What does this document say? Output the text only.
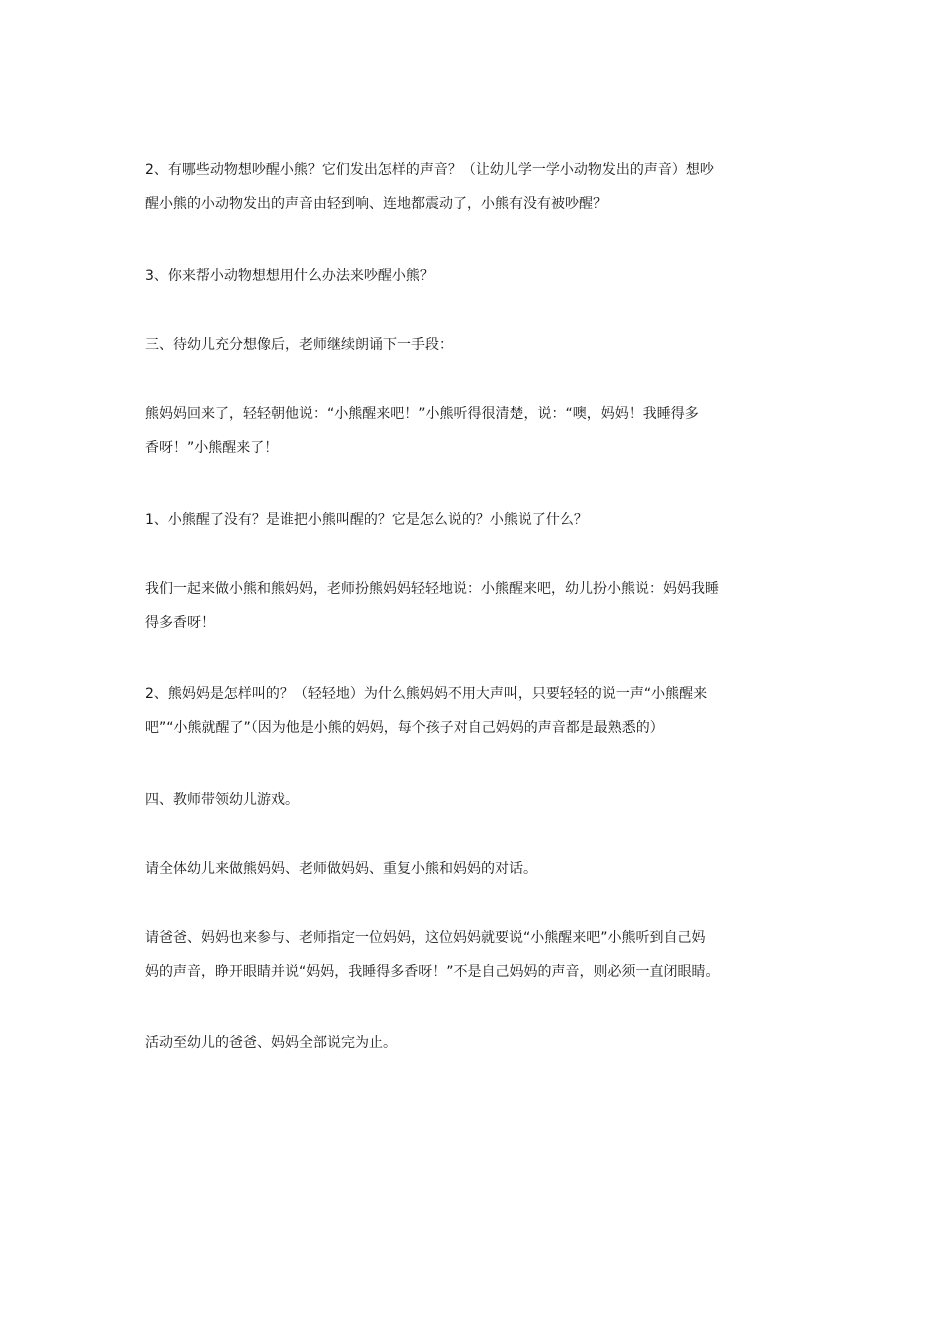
2、有哪些动物想吵醒小熊？它们发出怎样的声音？（让幼儿学一学小动物发出的声音）想吵
醒小熊的小动物发出的声音由轻到响、连地都震动了，小熊有没有被吵醒？

3、你来帮小动物想想用什么办法来吵醒小熊？

三、待幼儿充分想像后，老师继续朗诵下一手段：

熊妈妈回来了，轻轻朝他说：“小熊醒来吧！”小熊听得很清楚，说：“噢，妈妈！我睡得多
香呀！”小熊醒来了！

1、小熊醒了没有？是谁把小熊叫醒的？它是怎么说的？小熊说了什么？

我们一起来做小熊和熊妈妈，老师扮熊妈妈轻轻地说：小熊醒来吧，幼儿扮小熊说：妈妈我睡
得多香呀！

2、熊妈妈是怎样叫的？（轻轻地）为什么熊妈妈不用大声叫，只要轻轻的说一声“小熊醒来
吧”“小熊就醒了”（因为他是小熊的妈妈，每个孩子对自己妈妈的声音都是最熟悉的）

四、教师带领幼儿游戏。

请全体幼儿来做熊妈妈、老师做妈妈、重复小熊和妈妈的对话。

请爸爸、妈妈也来参与、老师指定一位妈妈，这位妈妈就要说“小熊醒来吧”小熊听到自己妈
妈的声音，睁开眼睛并说“妈妈，我睡得多香呀！”不是自己妈妈的声音，则必须一直闭眼睛。

活动至幼儿的爸爸、妈妈全部说完为止。
